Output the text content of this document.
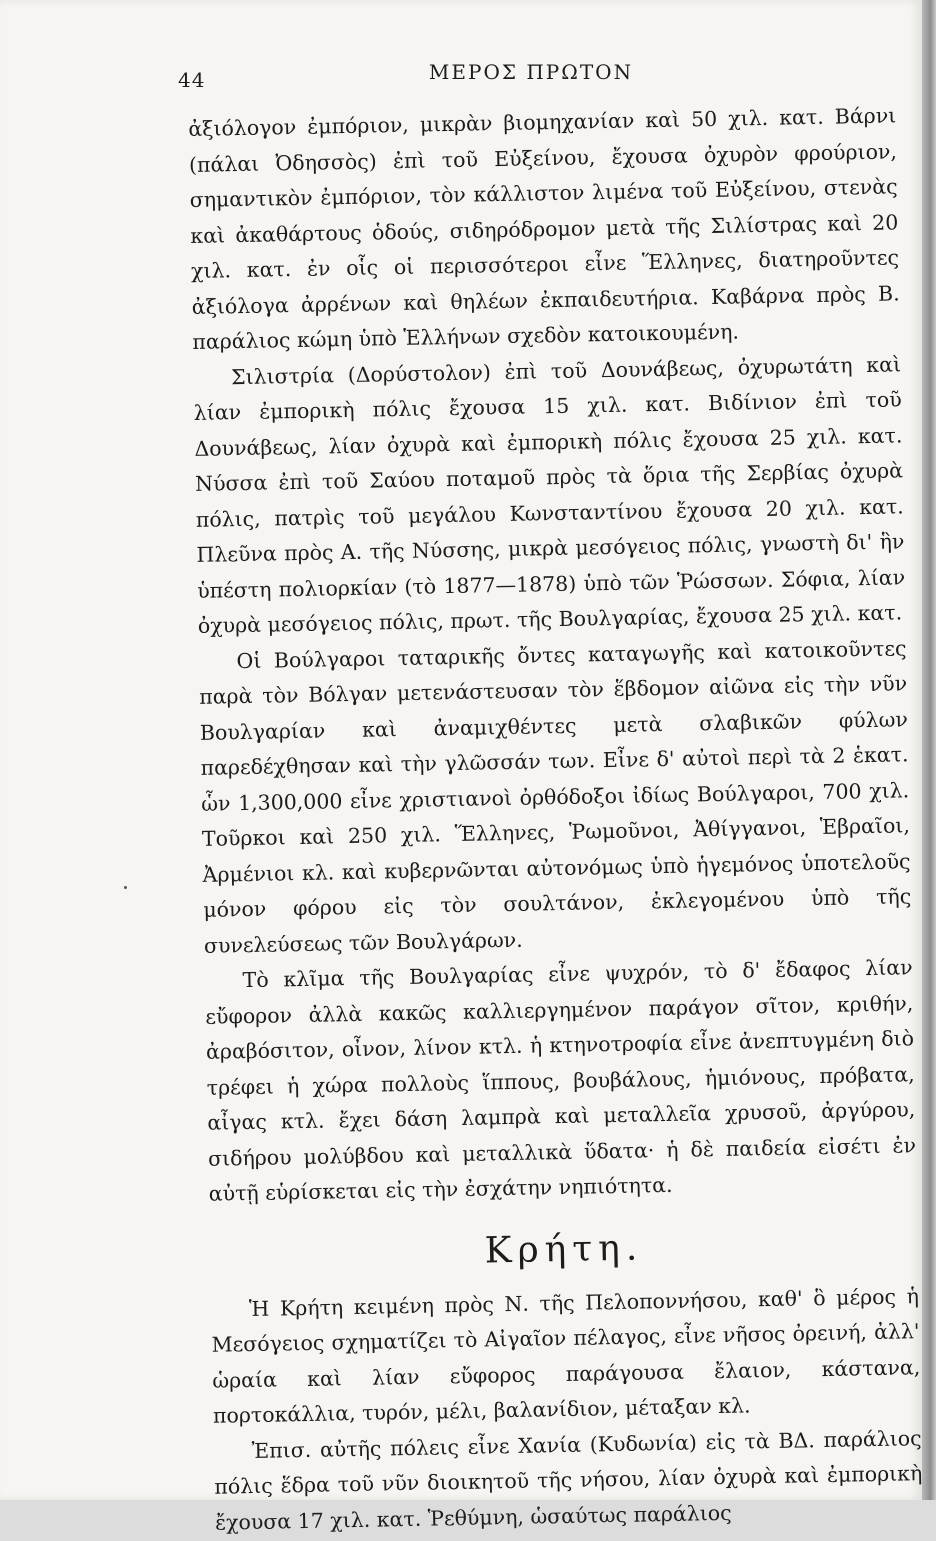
44	ΜΕΡΟΣ ΠΡΩΤΟΝ

ἀξιόλογον ἐμπόριον, μικρὰν βιομηχανίαν καὶ 50 χιλ. κατ. Βάρνι (πάλαι Ὀδησσὸς) ἐπὶ τοῦ Εὐξείνου, ἔχουσα ὀχυρὸν φρούριον, σημαντικὸν ἐμπόριον, τὸν κάλλιστον λιμένα τοῦ Εὐξείνου, στενὰς καὶ ἀκαθάρτους ὁδούς, σιδηρόδρομον μετὰ τῆς Σιλίστρας καὶ 20 χιλ. κατ. ἐν οἷς οἱ περισσότεροι εἶνε Ἕλληνες, διατηροῦντες ἀξιόλογα ἀρρένων καὶ θηλέων ἐκπαιδευτήρια. Καβάρνα πρὸς Β. παράλιος κώμη ὑπὸ Ἑλλήνων σχεδὸν κατοικουμένη.

Σιλιστρία (Δορύστολον) ἐπὶ τοῦ Δουνάβεως, ὀχυρωτάτη καὶ λίαν ἐμπορικὴ πόλις ἔχουσα 15 χιλ. κατ. Βιδίνιον ἐπὶ τοῦ Δουνάβεως, λίαν ὀχυρὰ καὶ ἐμπορικὴ πόλις ἔχουσα 25 χιλ. κατ. Νύσσα ἐπὶ τοῦ Σαύου ποταμοῦ πρὸς τὰ ὅρια τῆς Σερβίας ὀχυρὰ πόλις, πατρὶς τοῦ μεγάλου Κωνσταντίνου ἔχουσα 20 χιλ. κατ. Πλεῦνα πρὸς Α. τῆς Νύσσης, μικρὰ μεσόγειος πόλις, γνωστὴ δι' ἣν ὑπέστη πολιορκίαν (τὸ 1877—1878) ὑπὸ τῶν Ῥώσσων. Σόφια, λίαν ὀχυρὰ μεσόγειος πόλις, πρωτ. τῆς Βουλγαρίας, ἔχουσα 25 χιλ. κατ.

Οἱ Βούλγαροι ταταρικῆς ὄντες καταγωγῆς καὶ κατοικοῦντες παρὰ τὸν Βόλγαν μετενάστευσαν τὸν ἕβδομον αἰῶνα εἰς τὴν νῦν Βουλγαρίαν καὶ ἀναμιχθέντες μετὰ σλαβικῶν φύλων παρεδέχθησαν καὶ τὴν γλῶσσάν των. Εἶνε δ' αὐτοὶ περὶ τὰ 2 ἑκατ. ὧν 1,300,000 εἶνε χριστιανοὶ ὀρθόδοξοι ἰδίως Βούλγαροι, 700 χιλ. Τοῦρκοι καὶ 250 χιλ. Ἕλληνες, Ῥωμοῦνοι, Ἀθίγγανοι, Ἑβραῖοι, Ἀρμένιοι κλ. καὶ κυβερνῶνται αὐτονόμως ὑπὸ ἡγεμόνος ὑποτελοῦς μόνον φόρου εἰς τὸν σουλτάνον, ἐκλεγομένου ὑπὸ τῆς συνελεύσεως τῶν Βουλγάρων.

Τὸ κλῖμα τῆς Βουλγαρίας εἶνε ψυχρόν, τὸ δ' ἔδαφος λίαν εὔφορον ἀλλὰ κακῶς καλλιεργημένον παράγον σῖτον, κριθήν, ἀραβόσιτον, οἶνον, λίνον κτλ. ἡ κτηνοτροφία εἶνε ἀνεπτυγμένη διὸ τρέφει ἡ χώρα πολλοὺς ἵππους, βουβάλους, ἡμιόνους, πρόβατα, αἶγας κτλ. ἔχει δάση λαμπρὰ καὶ μεταλλεῖα χρυσοῦ, ἀργύρου, σιδήρου μολύβδου καὶ μεταλλικὰ ὕδατα· ἡ δὲ παιδεία εἰσέτι ἐν αὐτῇ εὑρίσκεται εἰς τὴν ἐσχάτην νηπιότητα.

Κρήτη.

Ἡ Κρήτη κειμένη πρὸς Ν. τῆς Πελοποννήσου, καθ' ὃ μέρος ἡ Μεσόγειος σχηματίζει τὸ Αἰγαῖον πέλαγος, εἶνε νῆσος ὀρεινή, ἀλλ' ὡραία καὶ λίαν εὔφορος παράγουσα ἔλαιον, κάστανα, πορτοκάλλια, τυρόν, μέλι, βαλανίδιον, μέταξαν κλ.

Ἐπισ. αὐτῆς πόλεις εἶνε Χανία (Κυδωνία) εἰς τὰ ΒΔ. παράλιος πόλις ἕδρα τοῦ νῦν διοικητοῦ τῆς νήσου, λίαν ὀχυρὰ καὶ ἐμπορικὴ ἔχουσα 17 χιλ. κατ. Ῥεθύμνη, ὡσαύτως παράλιος
